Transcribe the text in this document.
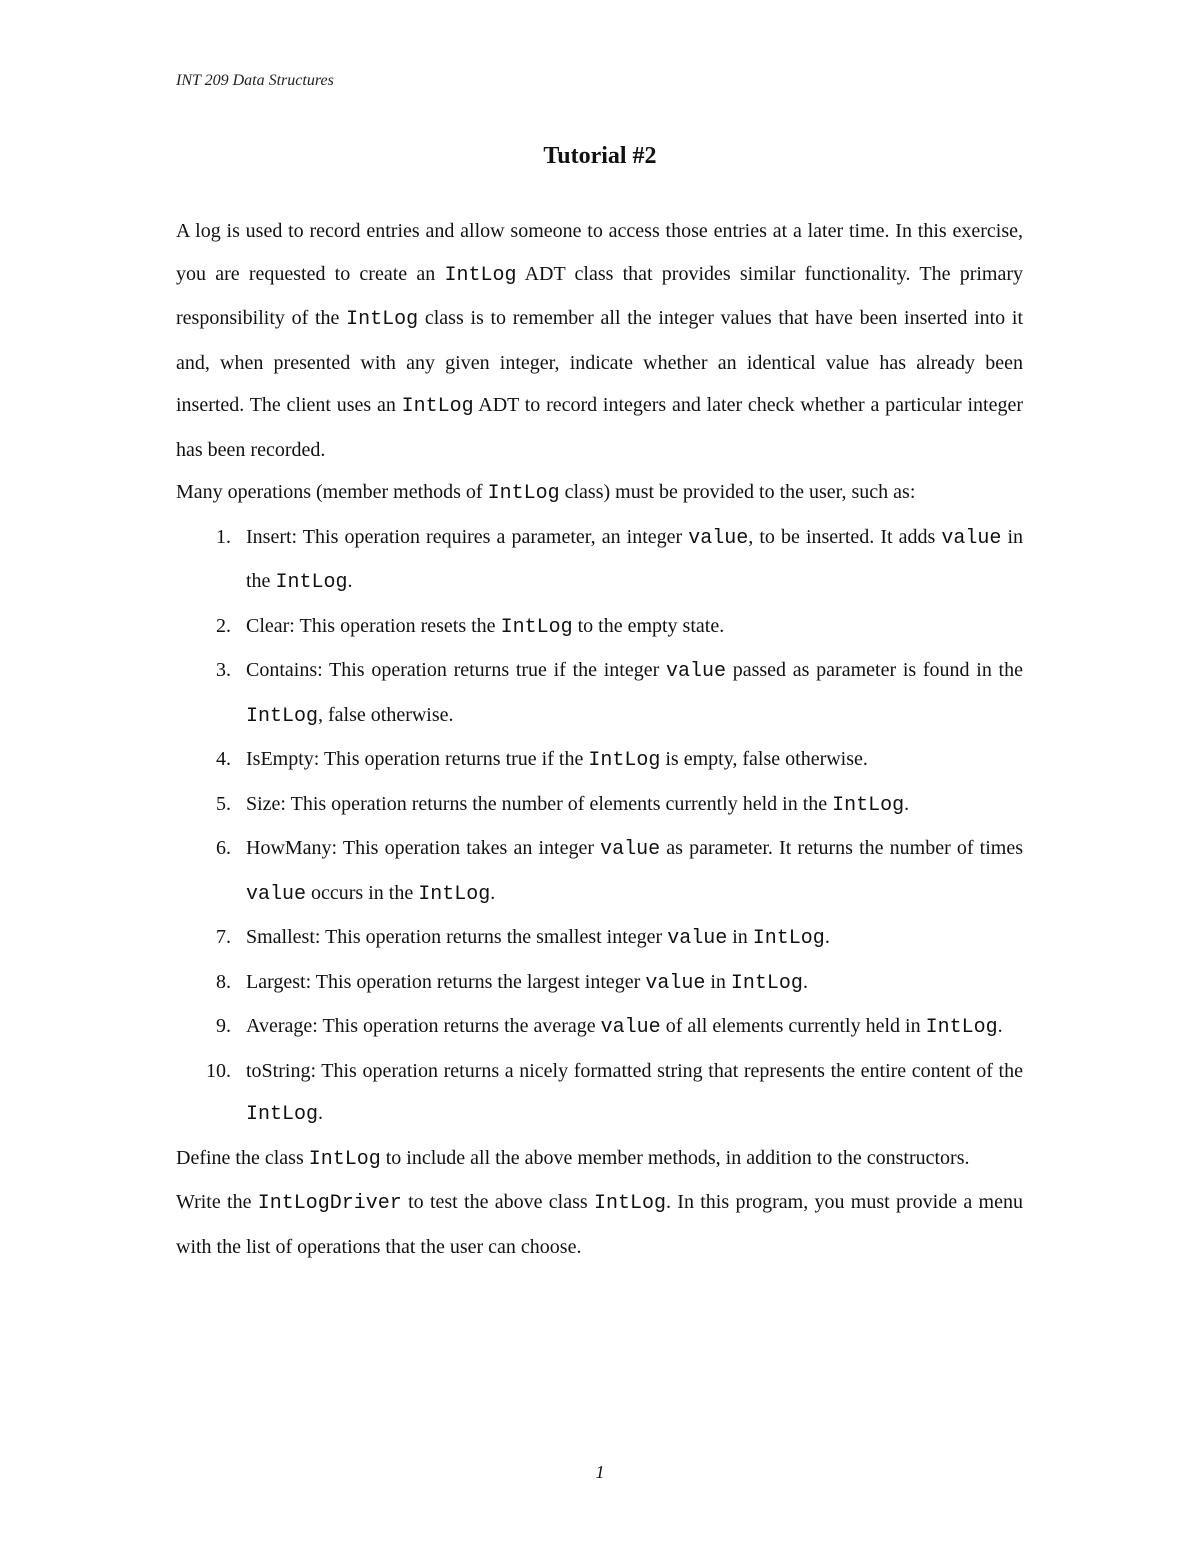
INT 209 Data Structures
Tutorial #2

A log is used to record entries and allow someone to access those entries at a later time. In this exercise, you are requested to create an IntLog ADT class that provides similar functionality. The primary responsibility of the IntLog class is to remember all the integer values that have been inserted into it and, when presented with any given integer, indicate whether an identical value has already been inserted. The client uses an IntLog ADT to record integers and later check whether a particular integer has been recorded.

Many operations (member methods of IntLog class) must be provided to the user, such as:

1. Insert: This operation requires a parameter, an integer value, to be inserted. It adds value in the IntLog.
2. Clear: This operation resets the IntLog to the empty state.
3. Contains: This operation returns true if the integer value passed as parameter is found in the IntLog, false otherwise.
4. IsEmpty: This operation returns true if the IntLog is empty, false otherwise.
5. Size: This operation returns the number of elements currently held in the IntLog.
6. HowMany: This operation takes an integer value as parameter. It returns the number of times value occurs in the IntLog.
7. Smallest: This operation returns the smallest integer value in IntLog.
8. Largest: This operation returns the largest integer value in IntLog.
9. Average: This operation returns the average value of all elements currently held in IntLog.
10. toString: This operation returns a nicely formatted string that represents the entire content of the IntLog.

Define the class IntLog to include all the above member methods, in addition to the constructors.

Write the IntLogDriver to test the above class IntLog. In this program, you must provide a menu with the list of operations that the user can choose.

1
